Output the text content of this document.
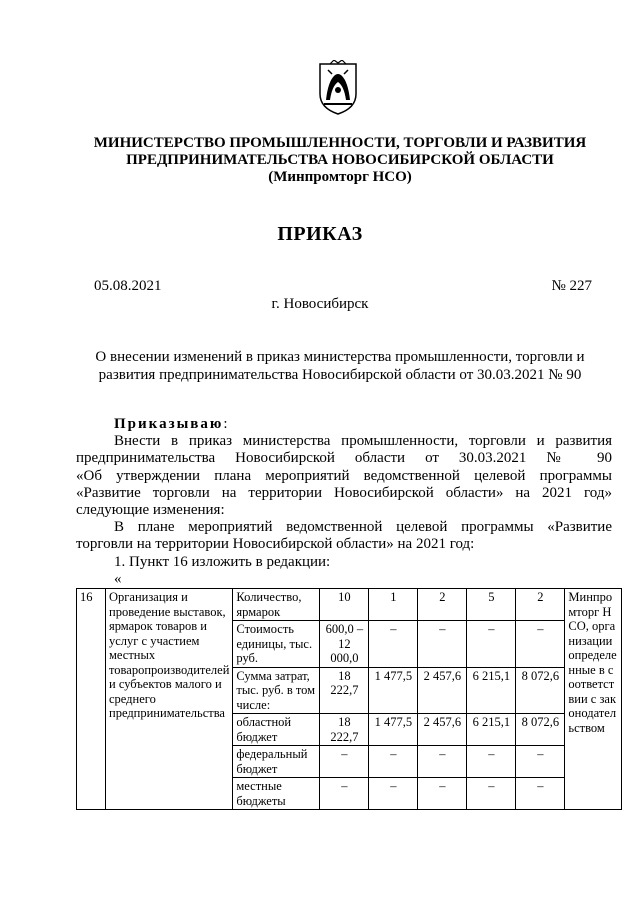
МИНИСТЕРСТВО ПРОМЫШЛЕННОСТИ, ТОРГОВЛИ И РАЗВИТИЯ
ПРЕДПРИНИМАТЕЛЬСТВА НОВОСИБИРСКОЙ ОБЛАСТИ
(Минпромторг НСО)
ПРИКАЗ
05.08.2021	№ 227
г. Новосибирск
О внесении изменений в приказ министерства промышленности, торговли и
развития предпринимательства Новосибирской области от 30.03.2021 № 90
Приказываю:
Внести в приказ министерства промышленности, торговли и развития
предпринимательства Новосибирской области от 30.03.2021 № 90
«Об утверждении плана мероприятий ведомственной целевой программы
«Развитие торговли на территории Новосибирской области» на 2021 год»
следующие изменения:
В плане мероприятий ведомственной целевой программы «Развитие
торговли на территории Новосибирской области» на 2021 год:
1. Пункт 16 изложить в редакции:
«
16	Организация и проведение выставок, ярмарок товаров и услуг с участием местных товаропроизводителей и субъектов малого и среднего предпринимательства	Количество, ярмарок	10	1	2	5	2	Минпромторг НСО, организации определенные в соответствии с законодательством
		Стоимость единицы, тыс. руб.	600,0 – 12 000,0	–	–	–	–	
		Сумма затрат, тыс. руб. в том числе:	18 222,7	1 477,5	2 457,6	6 215,1	8 072,6	
		областной бюджет	18 222,7	1 477,5	2 457,6	6 215,1	8 072,6	
		федеральный бюджет	–	–	–	–	–	
		местные бюджеты	–	–	–	–	–	
